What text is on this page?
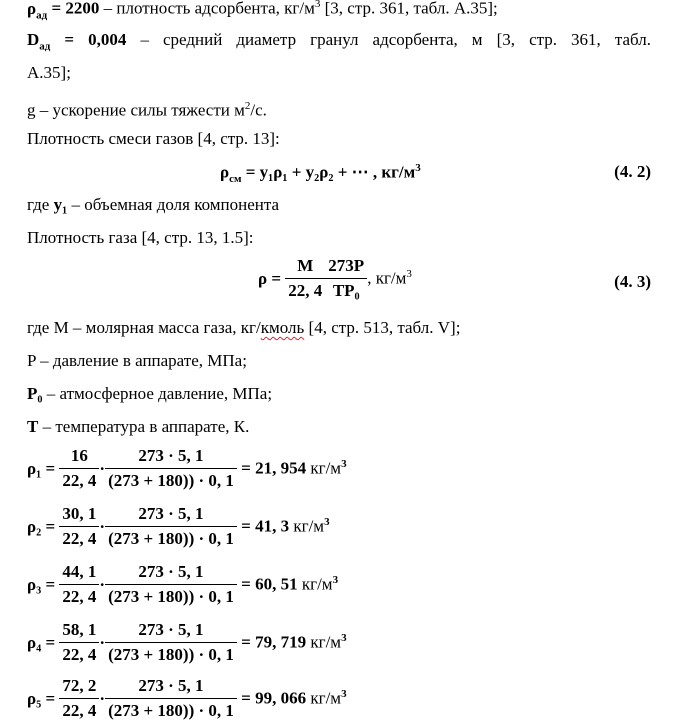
$\rho_{ад} = 2200$ – плотность адсорбента, $кг/м^3$ [3, стр. 361, табл. А.35];
$D_{ад} = 0,004$ – средний диаметр гранул адсорбента, м [3, стр. 361, табл.
А.35];
g – ускорение силы тяжести $м^2/с$.
Плотность смеси газов [4, стр. 13]:
$\rho_{см} = y_1\rho_1 + y_2\rho_2$ + ⋯ , $кг/м^3$	(4. 2)
где y₁ – объемная доля компонента
Плотность газа [4, стр. 13, 1.5]:
$\rho = \frac{M}{22, 4} \frac{273P}{\text{TP₀}}$ , $кг/м^3$	(4. 3)
где М – молярная масса газа, кг/кмоль [4, стр. 513, табл. V];
P – давление в аппарате, МПа;
P₀ – атмосферное давление, МПа;
T – температура в аппарате, К.
$\rho_1 = \frac{16}{22, 4} \cdot \frac{273 \cdot 5, 1}{(273 + 180)) \cdot 0, 1} = 21$, 954 $кг/м^3$
$\rho_2 = \frac{30, 1}{22, 4} \cdot \frac{273 \cdot 5, 1}{(273 + 180)) \cdot 0, 1} = 41$, 3 $кг/м^3$
$\rho_3 = \frac{44, 1}{22, 4} \cdot \frac{273 \cdot 5, 1}{(273 + 180)) \cdot 0, 1} = 60$, 51 $кг/м^3$
$\rho_4 = \frac{58, 1}{22, 4} \cdot \frac{273 \cdot 5, 1}{(273 + 180)) \cdot 0, 1} = 79$, 719 $кг/м^3$
$\rho_5 = \frac{72, 2}{22, 4} \cdot \frac{273 \cdot 5, 1}{(273 + 180)) \cdot 0, 1} = 99$, 066 $кг/м^3$
